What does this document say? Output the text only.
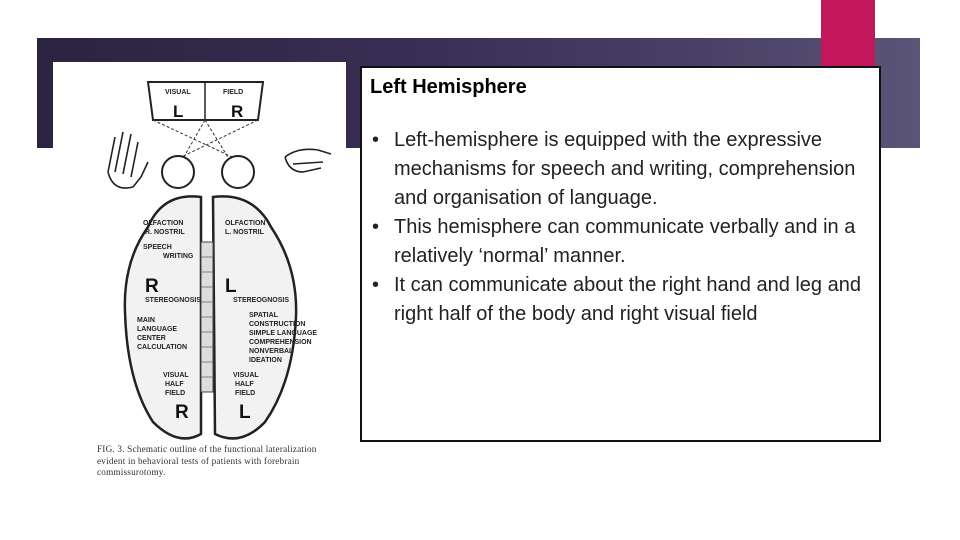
VISUAL	FIELD
L	R
OLFACTION
R. NOSTRIL
SPEECH
WRITING
R
STEREOGNOSIS
MAIN
LANGUAGE
CENTER
CALCULATION
VISUAL
HALF
FIELD
R
OLFACTION
L. NOSTRIL
L
STEREOGNOSIS
SPATIAL
CONSTRUCTION
SIMPLE LANGUAGE
COMPREHENSION
NONVERBAL
IDEATION
VISUAL
HALF
FIELD
L
FIG. 3. Schematic outline of the functional lateralization evident in behavioral tests of patients with forebrain commissurotomy.
Left Hemisphere
• Left-hemisphere is equipped with the expressive mechanisms for speech and writing, comprehension and organisation of language.
• This hemisphere can communicate verbally and in a relatively ‘normal’ manner.
• It can communicate about the right hand and leg and right half of the body and right visual field
